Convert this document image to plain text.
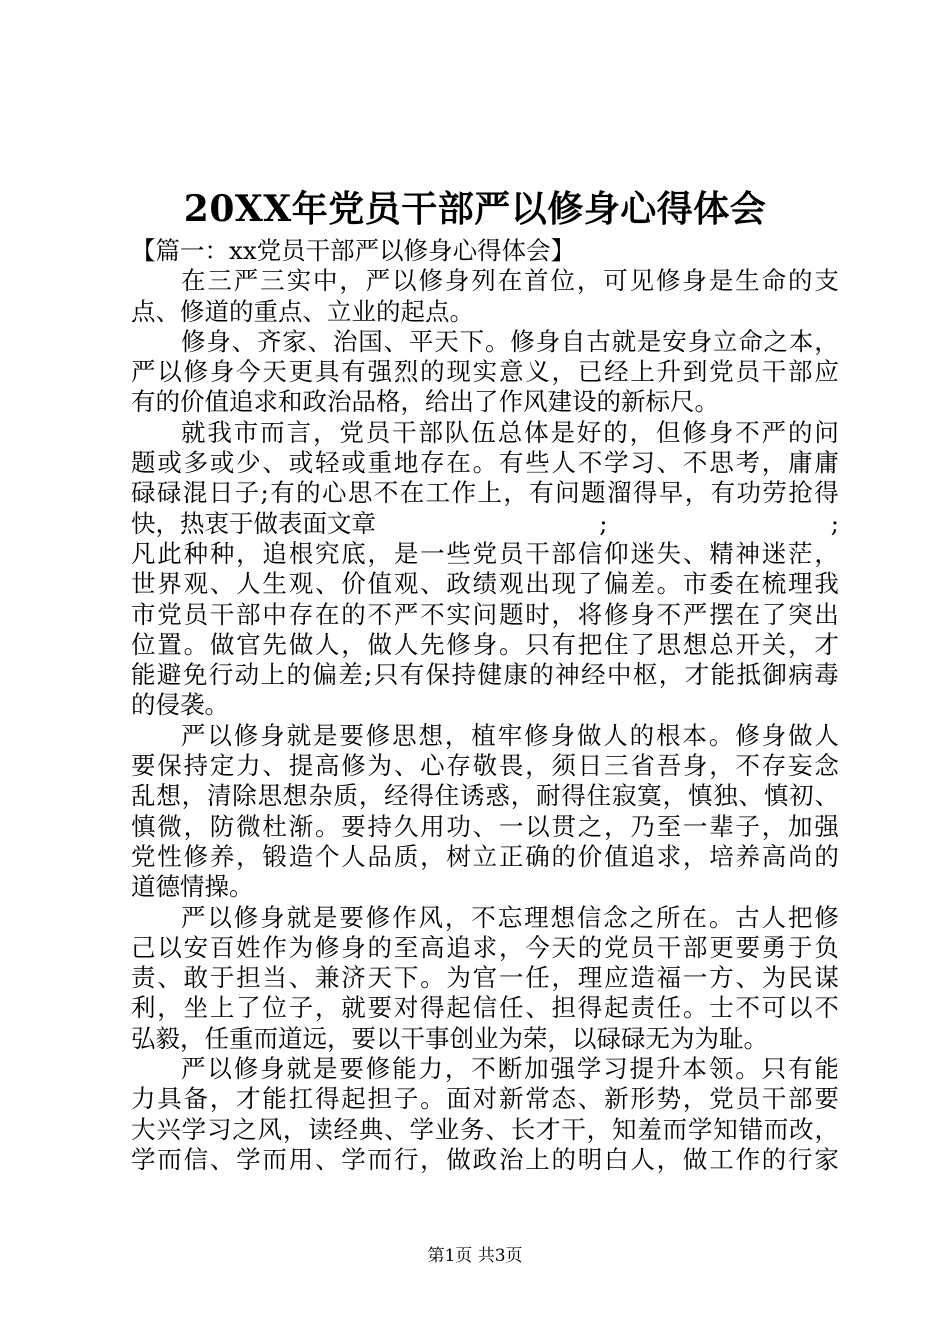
20XX年党员干部严以修身心得体会
【篇一：xx党员干部严以修身心得体会】
在 三 严 三 实 中 ， 严 以 修 身 列 在 首 位 ， 可 见 修 身 是 生 命 的 支
点、修道的重点、立业的起点。
修 身 、 齐 家 、 治 国 、 平 天 下 。 修 身 自 古 就 是 安 身 立 命 之 本 ，
严 以 修 身 今 天 更 具 有 强 烈 的 现 实 意 义 ， 已 经 上 升 到 党 员 干 部 应
有的价值追求和政治品格，给出了作风建设的新标尺。
就 我 市 而 言 ， 党 员 干 部 队 伍 总 体 是 好 的 ， 但 修 身 不 严 的 问
题 或 多 或 少 、 或 轻 或 重 地 存 在 。 有 些 人 不 学 习 、 不 思 考 ， 庸 庸
碌 碌 混 日 子 ; 有 的 心 思 不 在 工 作 上 ， 有 问 题 溜 得 早 ， 有 功 劳 抢 得
快，热衷于做表面文章	;	;
凡 此 种 种 ， 追 根 究 底 ， 是 一 些 党 员 干 部 信 仰 迷 失 、 精 神 迷 茫 ，
世 界 观 、 人 生 观 、 价 值 观 、 政 绩 观 出 现 了 偏 差 。 市 委 在 梳 理 我
市 党 员 干 部 中 存 在 的 不 严 不 实 问 题 时 ， 将 修 身 不 严 摆 在 了 突 出
位 置 。 做 官 先 做 人 ， 做 人 先 修 身 。 只 有 把 住 了 思 想 总 开 关 ， 才
能 避 免 行 动 上 的 偏 差 ; 只 有 保 持 健 康 的 神 经 中 枢 ， 才 能 抵 御 病 毒
的侵袭。
严 以 修 身 就 是 要 修 思 想 ， 植 牢 修 身 做 人 的 根 本 。 修 身 做 人
要 保 持 定 力 、 提 高 修 为 、 心 存 敬 畏 ， 须 日 三 省 吾 身 ， 不 存 妄 念
乱 想 ， 清 除 思 想 杂 质 ， 经 得 住 诱 惑 ， 耐 得 住 寂 寞 ， 慎 独 、 慎 初 、
慎 微 ， 防 微 杜 渐 。 要 持 久 用 功 、 一 以 贯 之 ， 乃 至 一 辈 子 ， 加 强
党 性 修 养 ， 锻 造 个 人 品 质 ， 树 立 正 确 的 价 值 追 求 ， 培 养 高 尚 的
道德情操。
严 以 修 身 就 是 要 修 作 风 ， 不 忘 理 想 信 念 之 所 在 。 古 人 把 修
己 以 安 百 姓 作 为 修 身 的 至 高 追 求 ， 今 天 的 党 员 干 部 更 要 勇 于 负
责 、 敢 于 担 当 、 兼 济 天 下 。 为 官 一 任 ， 理 应 造 福 一 方 、 为 民 谋
利 ， 坐 上 了 位 子 ， 就 要 对 得 起 信 任 、 担 得 起 责 任 。 士 不 可 以 不
弘毅，任重而道远，要以干事创业为荣，以碌碌无为为耻。
严 以 修 身 就 是 要 修 能 力 ， 不 断 加 强 学 习 提 升 本 领 。 只 有 能
力 具 备 ， 才 能 扛 得 起 担 子 。 面 对 新 常 态 、 新 形 势 ， 党 员 干 部 要
大 兴 学 习 之 风 ， 读 经 典 、 学 业 务 、 长 才 干 ， 知 羞 而 学 知 错 而 改 ，
学 而 信 、 学 而 用 、 学 而 行 ， 做 政 治 上 的 明 白 人 ， 做 工 作 的 行 家
第1页 共3页
